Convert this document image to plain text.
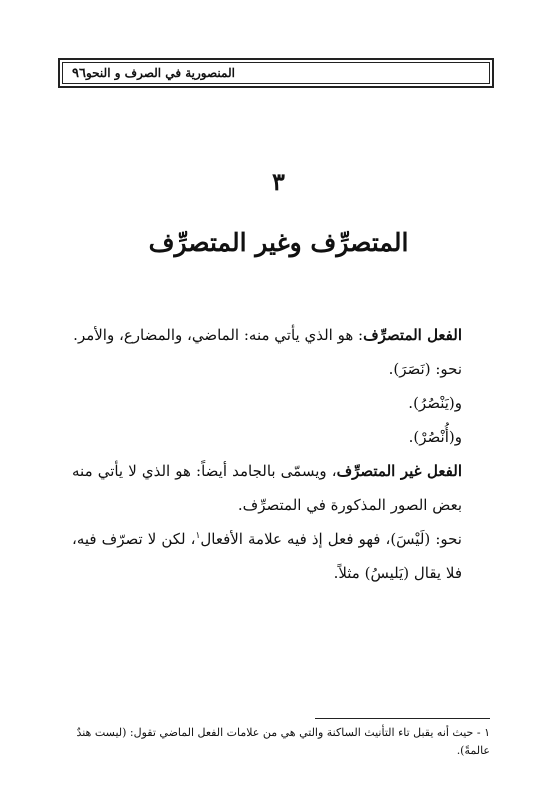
المنصورية في الصرف و النحو
٩٦
٣
المتصرِّف وغير المتصرِّف

الفعل المتصرِّف: هو الذي يأتي منه: الماضي، والمضارع، والأمر.

نحو: (نَصَرَ).

و(يَنْصُرُ).

و(أُنْصُرْ).

الفعل غير المتصرِّف، ويسمّى بالجامد أيضاً: هو الذي لا يأتي منه بعض الصور المذكورة في المتصرِّف.

نحو: (لَيْسَ)، فهو فعل إذ فيه علامة الأفعال$^١$، لكن لا تصرّف فيه، فلا يقال (يَليسُ) مثلاً.

١ - حيث أنه يقبل تاء التأنيث الساكنة والتي هي من علامات الفعل الماضي تقول: (ليست هندٌ عالمةً).
